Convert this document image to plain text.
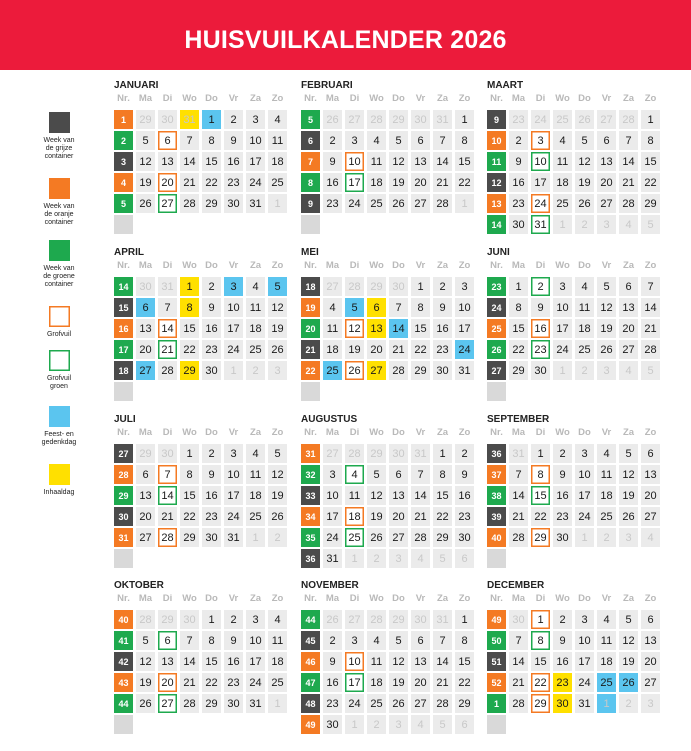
HUISVUILKALENDER 2026
Week van
de grijze
container
Week van
de oranje
container
Week van
de groene
container
Grofvuil
Grofvuil
groen
Feest- en
gedenkdag
Inhaaldag
JANUARI
Nr. Ma	Di	Wo Do	Vr	Za	Zo
1	29 30 31	1	2	3	4
2	5	6	7	8	9	10 11
3	12 13 14 15 16 17 18
4	19 20 21 22 23 24 25
5	26 27 28 29 30 31	1
FEBRUARI
Nr. Ma	Di	Wo Do	Vr	Za	Zo
5	26 27 28 29 30 31	1
6	2	3	4	5	6	7	8
7	9	10 11 12 13 14 15
8	16 17 18 19 20 21 22
9	23 24 25 26 27 28	1
MAART
Nr. Ma	Di	Wo Do	Vr	Za	Zo
9	23 24 25 26 27 28	1
10	2	3	4	5	6	7	8
11	9	10 11 12 13 14 15
12 16 17 18 19 20 21 22
13 23 24 25 26 27 28 29
14 30 31	1	2	3	4	5
APRIL
Nr. Ma	Di	Wo Do	Vr	Za	Zo
14 30 31	1	2	3	4	5
15	6	7	8	9	10 11 12
16 13 14 15 16 17 18 19
17 20 21 22 23 24 25 26
18 27 28 29 30	1	2	3
MEI
Nr. Ma	Di	Wo Do	Vr	Za	Zo
18 27 28 29 30	1	2	3
19	4	5	6	7	8	9	10
20	11 12 13 14 15 16 17
21 18 19 20 21 22 23 24
22 25 26 27 28 29 30 31
JUNI
Nr. Ma	Di	Wo Do	Vr	Za	Zo
23	1	2	3	4	5	6	7
24	8	9	10 11 12 13 14
25 15 16 17 18 19 20 21
26 22 23 24 25 26 27 28
27 29 30	1	2	3	4	5
JULI
Nr. Ma	Di	Wo Do	Vr	Za	Zo
27 29 30	1	2	3	4	5
28	6	7	8	9	10 11 12
29 13 14 15 16 17 18 19
30 20 21 22 23 24 25 26
31 27 28 29 30 31	1	2
AUGUSTUS
Nr. Ma	Di	Wo Do	Vr	Za	Zo
31 27 28 29 30 31	1	2
32	3	4	5	6	7	8	9
33 10 11 12 13 14 15 16
34 17 18 19 20 21 22 23
35 24 25 26 27 28 29 30
36 31	1	2	3	4	5	6
SEPTEMBER
Nr. Ma	Di	Wo Do	Vr	Za	Zo
36 31	1	2	3	4	5	6
37	7	8	9	10 11 12 13
38 14 15 16 17 18 19 20
39 21 22 23 24 25 26 27
40 28 29 30	1	2	3	4
OKTOBER
Nr. Ma	Di	Wo Do	Vr	Za	Zo
40 28 29 30	1	2	3	4
41	5	6	7	8	9	10 11
42 12 13 14 15 16 17 18
43 19 20 21 22 23 24 25
44 26 27 28 29 30 31	1
NOVEMBER
Nr. Ma	Di	Wo Do	Vr	Za	Zo
44 26 27 28 29 30 31	1
45	2	3	4	5	6	7	8
46	9	10 11 12 13 14 15
47 16 17 18 19 20 21 22
48 23 24 25 26 27 28 29
49 30	1	2	3	4	5	6
DECEMBER
Nr. Ma	Di	Wo Do	Vr	Za	Zo
49 30	1	2	3	4	5	6
50	7	8	9	10 11 12 13
51 14 15 16 17 18 19 20
52 21 22 23 24 25 26 27
1	28 29 30 31	1	2	3
